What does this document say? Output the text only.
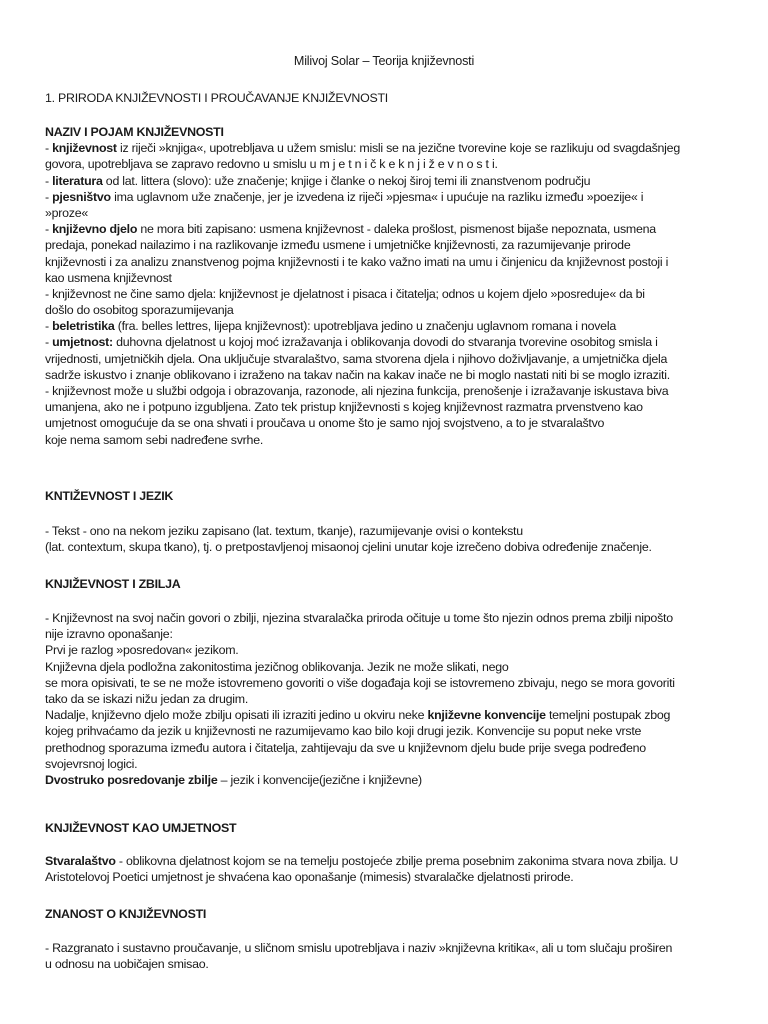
Milivoj Solar – Teorija književnosti
1. PRIRODA KNJIŽEVNOSTI I PROUČAVANJE KNJIŽEVNOSTI
NAZIV I POJAM KNJIŽEVNOSTI
- književnost iz riječi »knjiga«, upotrebljava u užem smislu: misli se na jezične tvorevine koje se razlikuju od svagdašnjeg
govora, upotrebljava se zapravo redovno u smislu u m j e t n i č k e k n j i ž e v n o s t i.
- literatura od lat. littera (slovo): uže značenje; knjige i članke o nekoj široj temi ili znanstvenom području
- pjesništvo ima uglavnom uže značenje, jer je izvedena iz riječi »pjesma« i upućuje na razliku između »poezije« i
»proze«
- književno djelo ne mora biti zapisano: usmena književnost - daleka prošlost, pismenost bijaše nepoznata, usmena
predaja, ponekad nailazimo i na razlikovanje između usmene i umjetničke književnosti, za razumijevanje prirode
književnosti i za analizu znanstvenog pojma književnosti i te kako važno imati na umu i činjenicu da književnost postoji i
kao usmena književnost
- književnost ne čine samo djela: književnost je djelatnost i pisaca i čitatelja; odnos u kojem djelo »posreduje« da bi
došlo do osobitog sporazumijevanja
- beletristika (fra. belles lettres, lijepa književnost): upotrebljava jedino u značenju uglavnom romana i novela
- umjetnost: duhovna djelatnost u kojoj moć izražavanja i oblikovanja dovodi do stvaranja tvorevine osobitog smisla i
vrijednosti, umjetničkih djela. Ona uključuje stvaralaštvo, sama stvorena djela i njihovo doživljavanje, a umjetnička djela
sadrže iskustvo i znanje oblikovano i izraženo na takav način na kakav inače ne bi moglo nastati niti bi se moglo izraziti.
- književnost može u službi odgoja i obrazovanja, razonode, ali njezina funkcija, prenošenje i izražavanje iskustava biva
umanjena, ako ne i potpuno izgubljena. Zato tek pristup književnosti s kojeg književnost razmatra prvenstveno kao
umjetnost omogućuje da se ona shvati i proučava u onome što je samo njoj svojstveno, a to je stvaralaštvo
koje nema samom sebi nadređene svrhe.
KNTIŽEVNOST I JEZIK
- Tekst - ono na nekom jeziku zapisano (lat. textum, tkanje), razumijevanje ovisi o kontekstu
(lat. contextum, skupa tkano), tj. o pretpostavljenoj misaonoj cjelini unutar koje izrečeno dobiva određenije značenje.
KNJIŽEVNOST I ZBILJA
- Književnost na svoj način govori o zbilji, njezina stvaralačka priroda očituje u tome što njezin odnos prema zbilji nipošto
nije izravno oponašanje:
Prvi je razlog »posredovan« jezikom.
Književna djela podložna zakonitostima jezičnog oblikovanja. Jezik ne može slikati, nego
se mora opisivati, te se ne može istovremeno govoriti o više događaja koji se istovremeno zbivaju, nego se mora govoriti
tako da se iskazi nižu jedan za drugim.
Nadalje, književno djelo može zbilju opisati ili izraziti jedino u okviru neke književne konvencije temeljni postupak zbog
kojeg prihvaćamo da jezik u književnosti ne razumijevamo kao bilo koji drugi jezik. Konvencije su poput neke vrste
prethodnog sporazuma između autora i čitatelja, zahtijevaju da sve u književnom djelu bude prije svega podređeno
svojevrsnoj logici.
Dvostruko posredovanje zbilje – jezik i konvencije(jezične i književne)
KNJIŽEVNOST KAO UMJETNOST
Stvaralaštvo - oblikovna djelatnost kojom se na temelju postojeće zbilje prema posebnim zakonima stvara nova zbilja. U
Aristotelovoj Poetici umjetnost je shvaćena kao oponašanje (mimesis) stvaralačke djelatnosti prirode.
ZNANOST O KNJIŽEVNOSTI
- Razgranato i sustavno proučavanje, u sličnom smislu upotrebljava i naziv »književna kritika«, ali u tom slučaju proširen
u odnosu na uobičajen smisao.
